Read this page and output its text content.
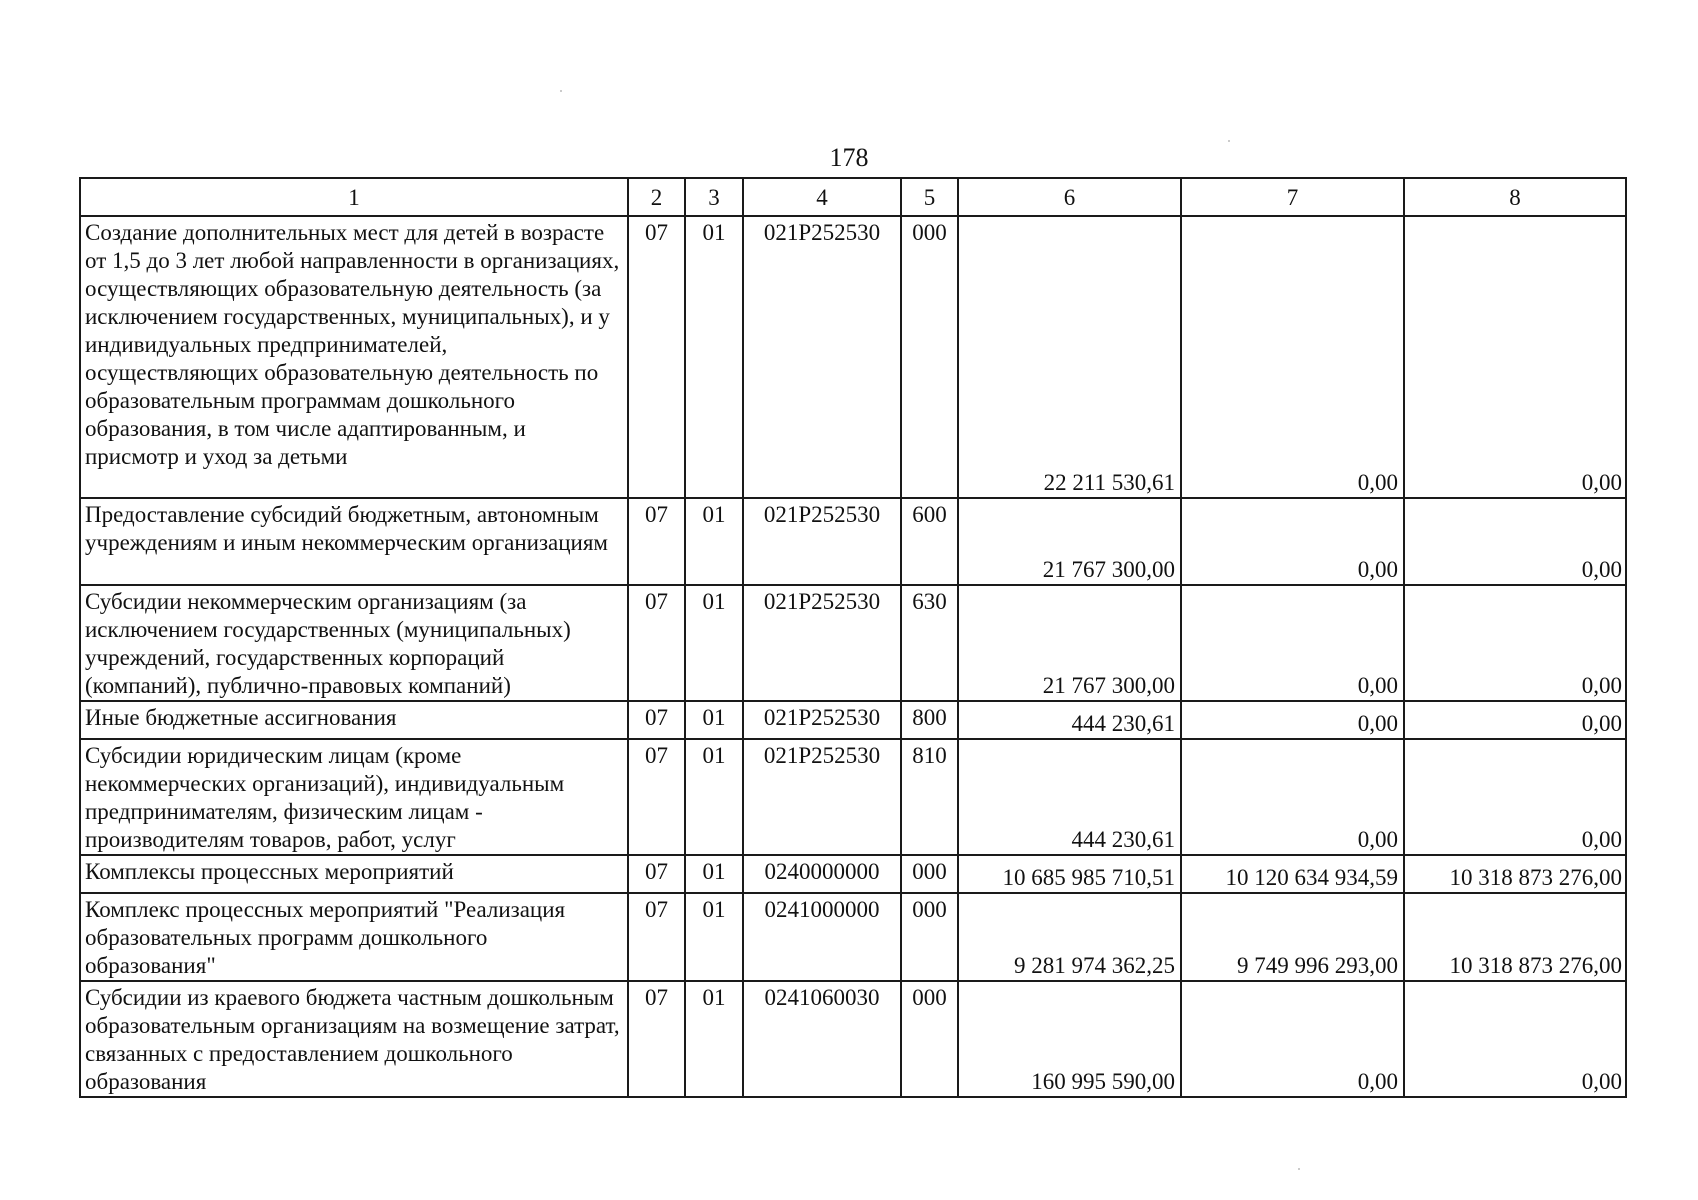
178
1	2	3	4	5	6	7	8
Создание дополнительных мест для детей в возрасте от 1,5 до 3 лет любой направленности в организациях, осуществляющих образовательную деятельность (за исключением государственных, муниципальных), и у индивидуальных предпринимателей, осуществляющих образовательную деятельность по образовательным программам дошкольного образования, в том числе адаптированным, и присмотр и уход за детьми	07	01	021P252530	000	22 211 530,61	0,00	0,00
Предоставление субсидий бюджетным, автономным учреждениям и иным некоммерческим организациям	07	01	021P252530	600	21 767 300,00	0,00	0,00
Субсидии некоммерческим организациям (за исключением государственных (муниципальных) учреждений, государственных корпораций (компаний), публично-правовых компаний)	07	01	021P252530	630	21 767 300,00	0,00	0,00
Иные бюджетные ассигнования	07	01	021P252530	800	444 230,61	0,00	0,00
Субсидии юридическим лицам (кроме некоммерческих организаций), индивидуальным предпринимателям, физическим лицам - производителям товаров, работ, услуг	07	01	021P252530	810	444 230,61	0,00	0,00
Комплексы процессных мероприятий	07	01	0240000000	000	10 685 985 710,51	10 120 634 934,59	10 318 873 276,00
Комплекс процессных мероприятий "Реализация образовательных программ дошкольного образования"	07	01	0241000000	000	9 281 974 362,25	9 749 996 293,00	10 318 873 276,00
Субсидии из краевого бюджета частным дошкольным образовательным организациям на возмещение затрат, связанных с предоставлением дошкольного образования	07	01	0241060030	000	160 995 590,00	0,00	0,00
